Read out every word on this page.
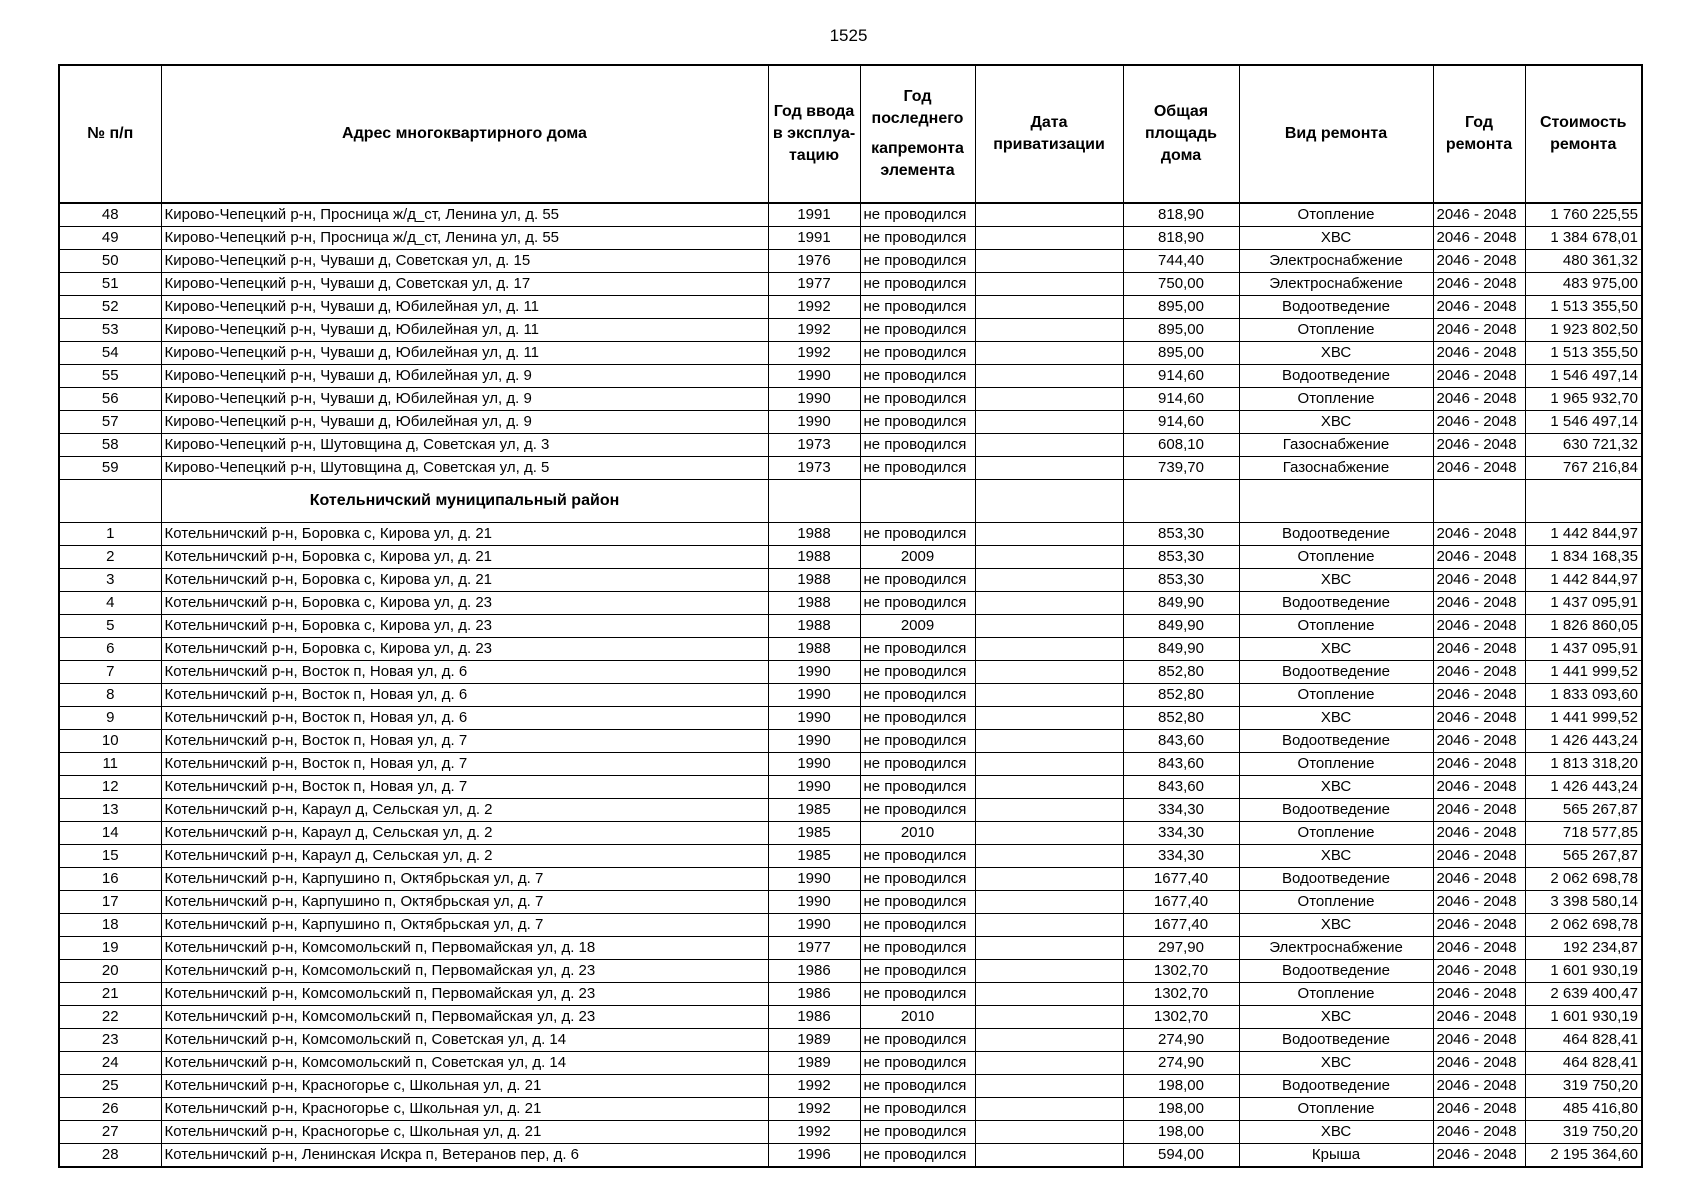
1525
№ п/п	Адрес многоквартирного дома	Год ввода в эксплуа-тацию	Год последнего
капремонта элемента	Дата приватизации	Общая площадь дома	Вид ремонта	Год ремонта	Стоимость ремонта
48	Кирово-Чепецкий р-н, Просница ж/д_ст, Ленина ул, д. 55	1991	не проводился		818,90	Отопление	2046 - 2048	1 760 225,55
49	Кирово-Чепецкий р-н, Просница ж/д_ст, Ленина ул, д. 55	1991	не проводился		818,90	ХВС	2046 - 2048	1 384 678,01
50	Кирово-Чепецкий р-н, Чуваши д, Советская ул, д. 15	1976	не проводился		744,40	Электроснабжение	2046 - 2048	480 361,32
51	Кирово-Чепецкий р-н, Чуваши д, Советская ул, д. 17	1977	не проводился		750,00	Электроснабжение	2046 - 2048	483 975,00
52	Кирово-Чепецкий р-н, Чуваши д, Юбилейная ул, д. 11	1992	не проводился		895,00	Водоотведение	2046 - 2048	1 513 355,50
53	Кирово-Чепецкий р-н, Чуваши д, Юбилейная ул, д. 11	1992	не проводился		895,00	Отопление	2046 - 2048	1 923 802,50
54	Кирово-Чепецкий р-н, Чуваши д, Юбилейная ул, д. 11	1992	не проводился		895,00	ХВС	2046 - 2048	1 513 355,50
55	Кирово-Чепецкий р-н, Чуваши д, Юбилейная ул, д. 9	1990	не проводился		914,60	Водоотведение	2046 - 2048	1 546 497,14
56	Кирово-Чепецкий р-н, Чуваши д, Юбилейная ул, д. 9	1990	не проводился		914,60	Отопление	2046 - 2048	1 965 932,70
57	Кирово-Чепецкий р-н, Чуваши д, Юбилейная ул, д. 9	1990	не проводился		914,60	ХВС	2046 - 2048	1 546 497,14
58	Кирово-Чепецкий р-н, Шутовщина д, Советская ул, д. 3	1973	не проводился		608,10	Газоснабжение	2046 - 2048	630 721,32
59	Кирово-Чепецкий р-н, Шутовщина д, Советская ул, д. 5	1973	не проводился		739,70	Газоснабжение	2046 - 2048	767 216,84
	Котельничский муниципальный район							
1	Котельничский р-н, Боровка с, Кирова ул, д. 21	1988	не проводился		853,30	Водоотведение	2046 - 2048	1 442 844,97
2	Котельничский р-н, Боровка с, Кирова ул, д. 21	1988	2009		853,30	Отопление	2046 - 2048	1 834 168,35
3	Котельничский р-н, Боровка с, Кирова ул, д. 21	1988	не проводился		853,30	ХВС	2046 - 2048	1 442 844,97
4	Котельничский р-н, Боровка с, Кирова ул, д. 23	1988	не проводился		849,90	Водоотведение	2046 - 2048	1 437 095,91
5	Котельничский р-н, Боровка с, Кирова ул, д. 23	1988	2009		849,90	Отопление	2046 - 2048	1 826 860,05
6	Котельничский р-н, Боровка с, Кирова ул, д. 23	1988	не проводился		849,90	ХВС	2046 - 2048	1 437 095,91
7	Котельничский р-н, Восток п, Новая ул, д. 6	1990	не проводился		852,80	Водоотведение	2046 - 2048	1 441 999,52
8	Котельничский р-н, Восток п, Новая ул, д. 6	1990	не проводился		852,80	Отопление	2046 - 2048	1 833 093,60
9	Котельничский р-н, Восток п, Новая ул, д. 6	1990	не проводился		852,80	ХВС	2046 - 2048	1 441 999,52
10	Котельничский р-н, Восток п, Новая ул, д. 7	1990	не проводился		843,60	Водоотведение	2046 - 2048	1 426 443,24
11	Котельничский р-н, Восток п, Новая ул, д. 7	1990	не проводился		843,60	Отопление	2046 - 2048	1 813 318,20
12	Котельничский р-н, Восток п, Новая ул, д. 7	1990	не проводился		843,60	ХВС	2046 - 2048	1 426 443,24
13	Котельничский р-н, Караул д, Сельская ул, д. 2	1985	не проводился		334,30	Водоотведение	2046 - 2048	565 267,87
14	Котельничский р-н, Караул д, Сельская ул, д. 2	1985	2010		334,30	Отопление	2046 - 2048	718 577,85
15	Котельничский р-н, Караул д, Сельская ул, д. 2	1985	не проводился		334,30	ХВС	2046 - 2048	565 267,87
16	Котельничский р-н, Карпушино п, Октябрьская ул, д. 7	1990	не проводился		1677,40	Водоотведение	2046 - 2048	2 062 698,78
17	Котельничский р-н, Карпушино п, Октябрьская ул, д. 7	1990	не проводился		1677,40	Отопление	2046 - 2048	3 398 580,14
18	Котельничский р-н, Карпушино п, Октябрьская ул, д. 7	1990	не проводился		1677,40	ХВС	2046 - 2048	2 062 698,78
19	Котельничский р-н, Комсомольский п, Первомайская ул, д. 18	1977	не проводился		297,90	Электроснабжение	2046 - 2048	192 234,87
20	Котельничский р-н, Комсомольский п, Первомайская ул, д. 23	1986	не проводился		1302,70	Водоотведение	2046 - 2048	1 601 930,19
21	Котельничский р-н, Комсомольский п, Первомайская ул, д. 23	1986	не проводился		1302,70	Отопление	2046 - 2048	2 639 400,47
22	Котельничский р-н, Комсомольский п, Первомайская ул, д. 23	1986	2010		1302,70	ХВС	2046 - 2048	1 601 930,19
23	Котельничский р-н, Комсомольский п, Советская ул, д. 14	1989	не проводился		274,90	Водоотведение	2046 - 2048	464 828,41
24	Котельничский р-н, Комсомольский п, Советская ул, д. 14	1989	не проводился		274,90	ХВС	2046 - 2048	464 828,41
25	Котельничский р-н, Красногорье с, Школьная ул, д. 21	1992	не проводился		198,00	Водоотведение	2046 - 2048	319 750,20
26	Котельничский р-н, Красногорье с, Школьная ул, д. 21	1992	не проводился		198,00	Отопление	2046 - 2048	485 416,80
27	Котельничский р-н, Красногорье с, Школьная ул, д. 21	1992	не проводился		198,00	ХВС	2046 - 2048	319 750,20
28	Котельничский р-н, Ленинская Искра п, Ветеранов пер, д. 6	1996	не проводился		594,00	Крыша	2046 - 2048	2 195 364,60
